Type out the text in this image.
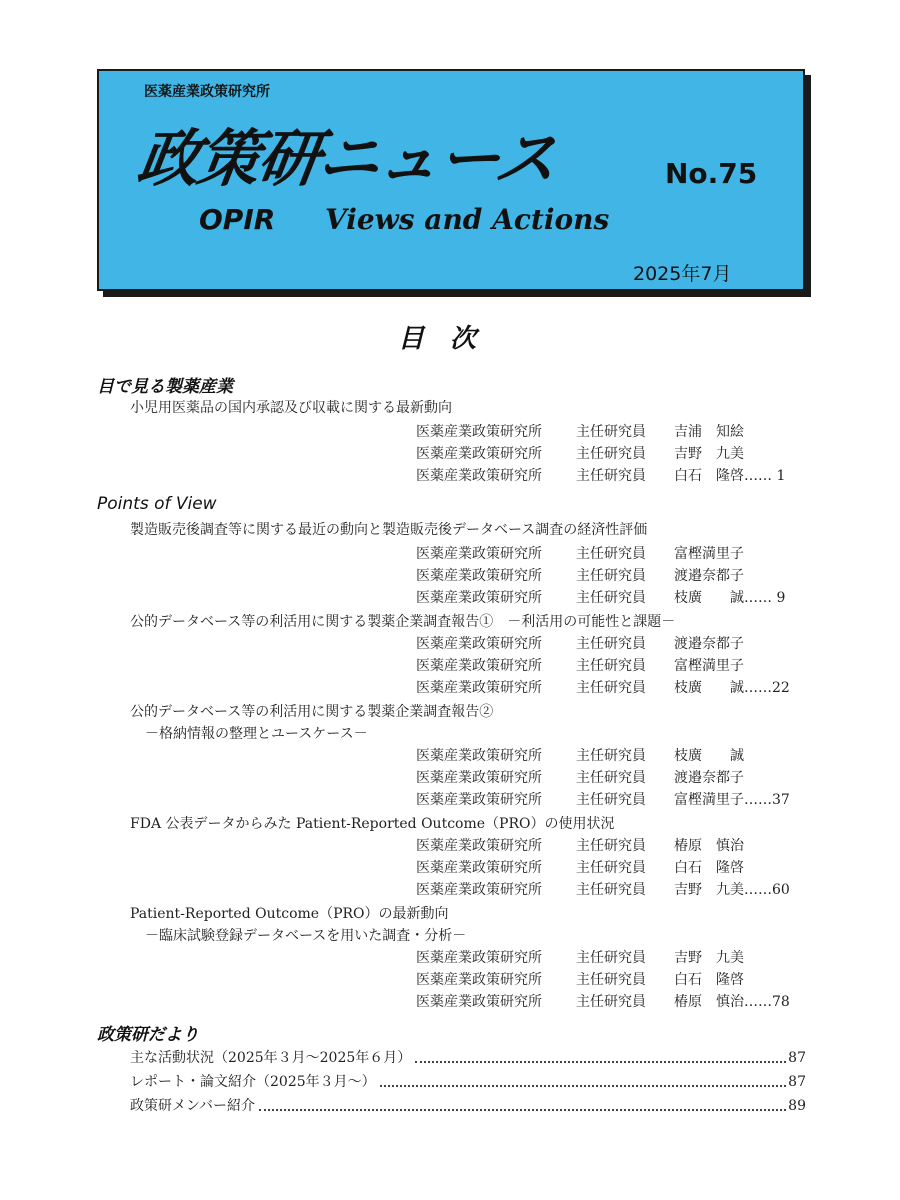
医薬産業政策研究所
政策研ニュース	No.75
OPIR Views and Actions
2025年7月
目次
目で見る製薬産業
小児用医薬品の国内承認及び収載に関する最新動向
医薬産業政策研究所 主任研究員 吉浦　知絵
医薬産業政策研究所 主任研究員 吉野　九美
医薬産業政策研究所 主任研究員 白石　隆啓…… 1
Points of View
製造販売後調査等に関する最近の動向と製造販売後データベース調査の経済性評価
医薬産業政策研究所 主任研究員 富樫満里子
医薬産業政策研究所 主任研究員 渡邉奈都子
医薬産業政策研究所 主任研究員 枝廣　　誠…… 9
公的データベース等の利活用に関する製薬企業調査報告①　－利活用の可能性と課題－
医薬産業政策研究所 主任研究員 渡邉奈都子
医薬産業政策研究所 主任研究員 富樫満里子
医薬産業政策研究所 主任研究員 枝廣　　誠……22
公的データベース等の利活用に関する製薬企業調査報告②
－格納情報の整理とユースケース－
医薬産業政策研究所 主任研究員 枝廣　　誠
医薬産業政策研究所 主任研究員 渡邉奈都子
医薬産業政策研究所 主任研究員 富樫満里子……37
FDA 公表データからみた Patient-Reported Outcome（PRO）の使用状況
医薬産業政策研究所 主任研究員 椿原　慎治
医薬産業政策研究所 主任研究員 白石　隆啓
医薬産業政策研究所 主任研究員 吉野　九美……60
Patient-Reported Outcome（PRO）の最新動向
－臨床試験登録データベースを用いた調査・分析－
医薬産業政策研究所 主任研究員 吉野　九美
医薬産業政策研究所 主任研究員 白石　隆啓
医薬産業政策研究所 主任研究員 椿原　慎治……78
政策研だより
主な活動状況（2025年３月～2025年６月）	87
レポート・論文紹介（2025年３月～）	87
政策研メンバー紹介	89
